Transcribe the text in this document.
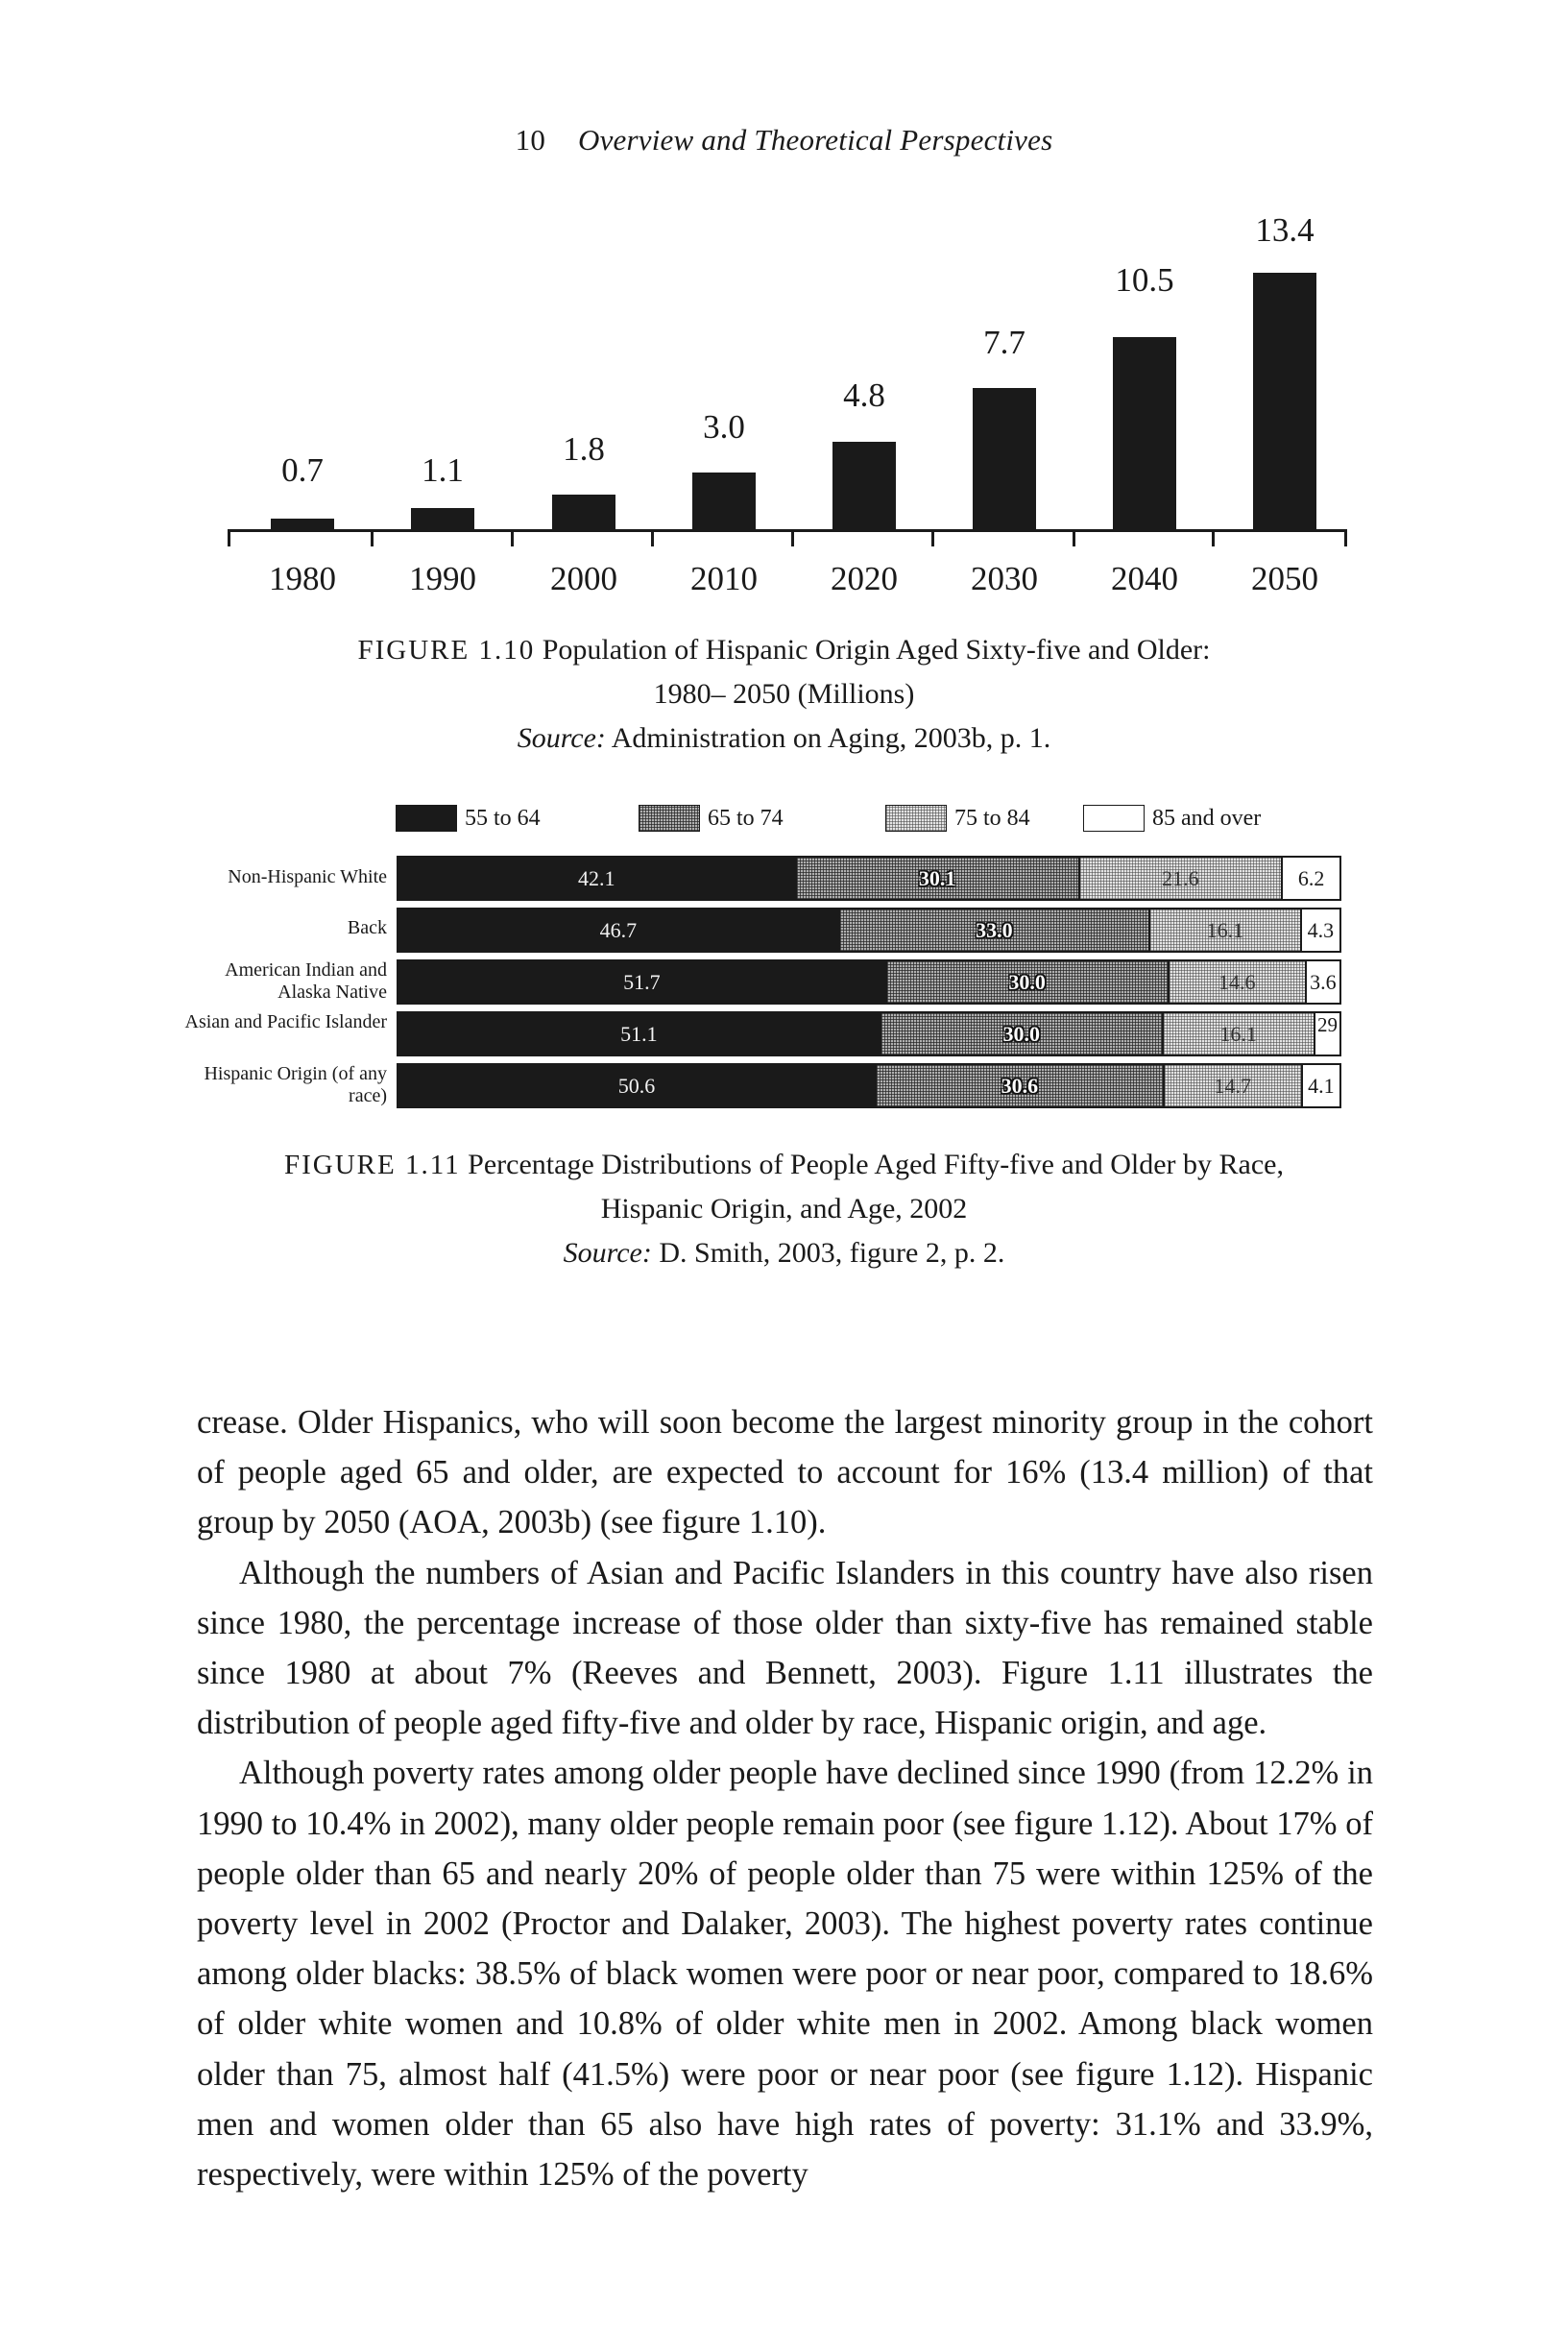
10 Overview and Theoretical Perspectives
0.7	1.1
1.8
3.0
4.8
7.7
10.5
13.4
1980	1990	2000	2010	2020	2030	2040	2050
FIGURE 1.10 Population of Hispanic Origin Aged Sixty-five and Older:
1980– 2050 (Millions)
Source: Administration on Aging, 2003b, p. 1.
55 to 64	65 to 74	75 to 84	85 and over
Non-Hispanic White	42.1	30.1	21.6	6.2
Back	46.7	33.0	16.1	4.3
American Indian and Alaska Native	51.7	30.0	14.6	3.6
Asian and Pacific Islander	51.1	30.0	16.1	29
Hispanic Origin (of any race)	50.6	30.6	14.7	4.1
FIGURE 1.11 Percentage Distributions of People Aged Fifty-five and Older by Race,
Hispanic Origin, and Age, 2002
Source: D. Smith, 2003, figure 2, p. 2.

crease. Older Hispanics, who will soon become the largest minority group in the cohort of people aged 65 and older, are expected to account for 16% (13.4 million) of that group by 2050 (AOA, 2003b) (see figure 1.10).

Although the numbers of Asian and Pacific Islanders in this country have also risen since 1980, the percentage increase of those older than sixty-five has remained stable since 1980 at about 7% (Reeves and Bennett, 2003). Figure 1.11 illustrates the distribution of people aged fifty-five and older by race, Hispanic origin, and age.

Although poverty rates among older people have declined since 1990 (from 12.2% in 1990 to 10.4% in 2002), many older people remain poor (see figure 1.12). About 17% of people older than 65 and nearly 20% of people older than 75 were within 125% of the poverty level in 2002 (Proctor and Dalaker, 2003). The highest poverty rates continue among older blacks: 38.5% of black women were poor or near poor, compared to 18.6% of older white women and 10.8% of older white men in 2002. Among black women older than 75, almost half (41.5%) were poor or near poor (see figure 1.12). Hispanic men and women older than 65 also have high rates of poverty: 31.1% and 33.9%, respectively, were within 125% of the poverty
